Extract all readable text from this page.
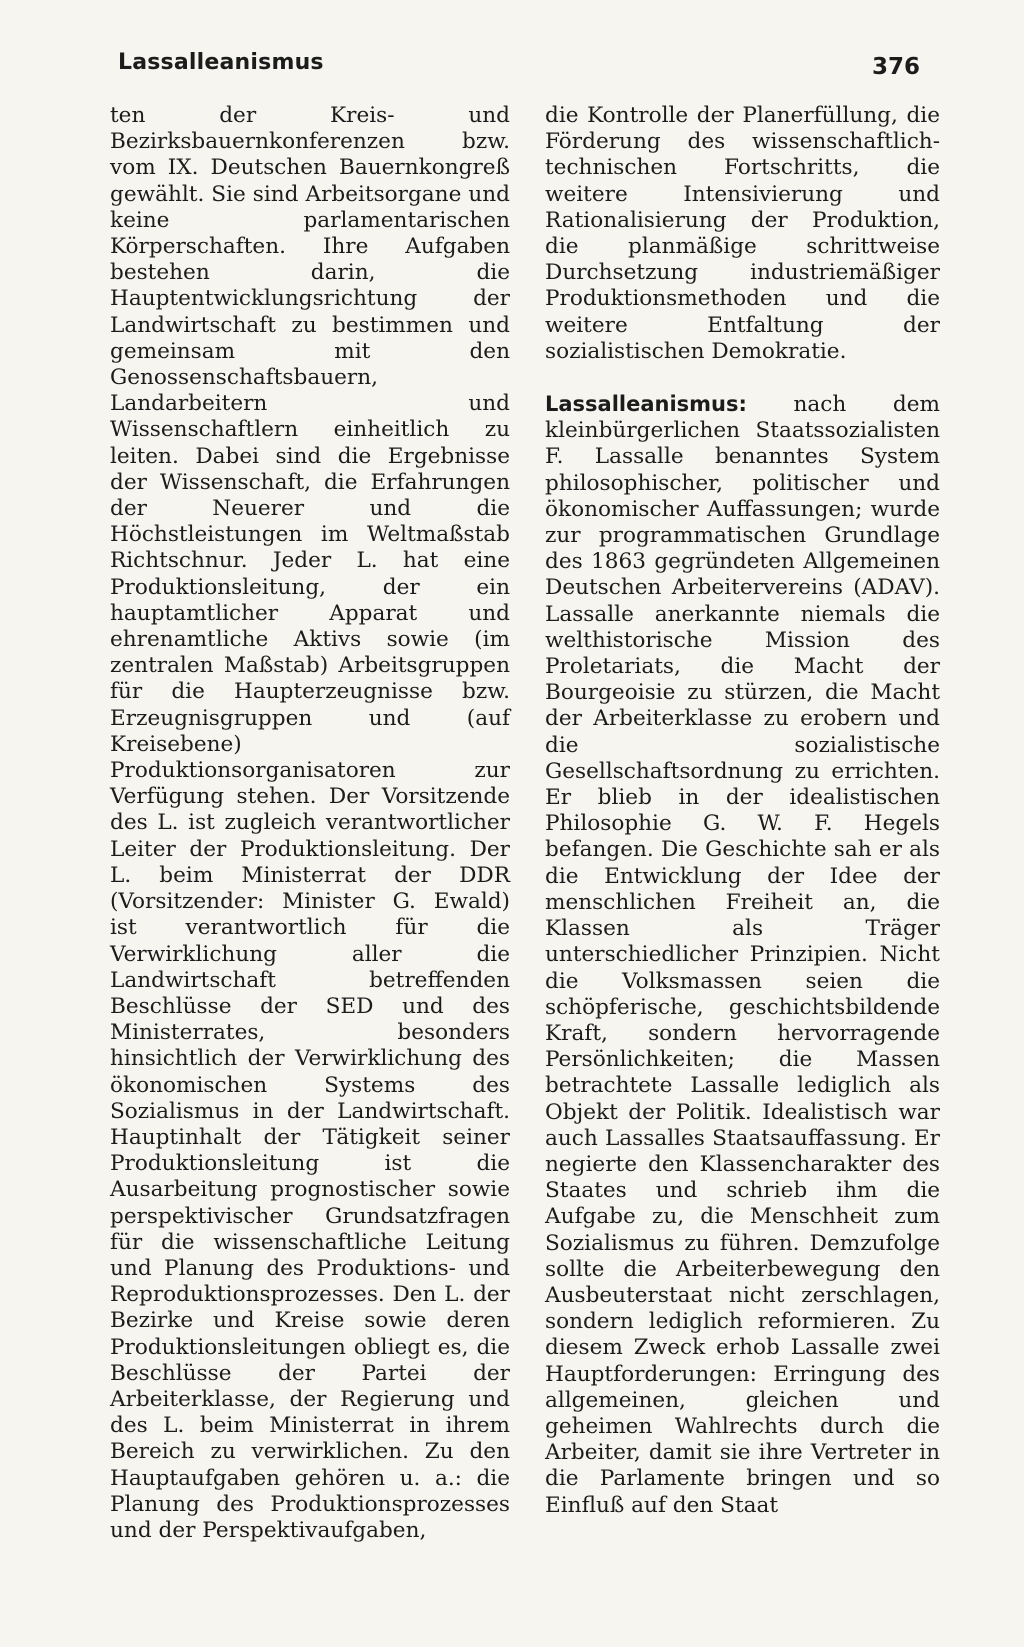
Lassalleanismus	376

ten der Kreis- und Bezirksbauernkonferenzen bzw. vom IX. Deutschen Bauernkongreß gewählt. Sie sind Arbeitsorgane und keine parlamentarischen Körperschaften. Ihre Aufgaben bestehen darin, die Hauptentwicklungsrichtung der Landwirtschaft zu bestimmen und gemeinsam mit den Genossenschaftsbauern, Landarbeitern und Wissenschaftlern einheitlich zu leiten. Dabei sind die Ergebnisse der Wissenschaft, die Erfahrungen der Neuerer und die Höchstleistungen im Weltmaßstab Richtschnur. Jeder L. hat eine Produktionsleitung, der ein hauptamtlicher Apparat und ehrenamtliche Aktivs sowie (im zentralen Maßstab) Arbeitsgruppen für die Haupterzeugnisse bzw. Erzeugnisgruppen und (auf Kreisebene) Produktionsorganisatoren zur Verfügung stehen. Der Vorsitzende des L. ist zugleich verantwortlicher Leiter der Produktionsleitung. Der L. beim Ministerrat der DDR (Vorsitzender: Minister G. Ewald) ist verantwortlich für die Verwirklichung aller die Landwirtschaft betreffenden Beschlüsse der SED und des Ministerrates, besonders hinsichtlich der Verwirklichung des ökonomischen Systems des Sozialismus in der Landwirtschaft. Hauptinhalt der Tätigkeit seiner Produktionsleitung ist die Ausarbeitung prognostischer sowie perspektivischer Grundsatzfragen für die wissenschaftliche Leitung und Planung des Produktions- und Reproduktionsprozesses. Den L. der Bezirke und Kreise sowie deren Produktionsleitungen obliegt es, die Beschlüsse der Partei der Arbeiterklasse, der Regierung und des L. beim Ministerrat in ihrem Bereich zu verwirklichen. Zu den Hauptaufgaben gehören u. a.: die Planung des Produktionsprozesses und der Perspektivaufgaben,

die Kontrolle der Planerfüllung, die Förderung des wissenschaftlich-technischen Fortschritts, die weitere Intensivierung und Rationalisierung der Produktion, die planmäßige schrittweise Durchsetzung industriemäßiger Produktionsmethoden und die weitere Entfaltung der sozialistischen Demokratie.

Lassalleanismus: nach dem kleinbürgerlichen Staatssozialisten F. Lassalle benanntes System philosophischer, politischer und ökonomischer Auffassungen; wurde zur programmatischen Grundlage des 1863 gegründeten Allgemeinen Deutschen Arbeitervereins (ADAV). Lassalle anerkannte niemals die welthistorische Mission des Proletariats, die Macht der Bourgeoisie zu stürzen, die Macht der Arbeiterklasse zu erobern und die sozialistische Gesellschaftsordnung zu errichten. Er blieb in der idealistischen Philosophie G. W. F. Hegels befangen. Die Geschichte sah er als die Entwicklung der Idee der menschlichen Freiheit an, die Klassen als Träger unterschiedlicher Prinzipien. Nicht die Volksmassen seien die schöpferische, geschichtsbildende Kraft, sondern hervorragende Persönlichkeiten; die Massen betrachtete Lassalle lediglich als Objekt der Politik. Idealistisch war auch Lassalles Staatsauffassung. Er negierte den Klassencharakter des Staates und schrieb ihm die Aufgabe zu, die Menschheit zum Sozialismus zu führen. Demzufolge sollte die Arbeiterbewegung den Ausbeuterstaat nicht zerschlagen, sondern lediglich reformieren. Zu diesem Zweck erhob Lassalle zwei Hauptforderungen: Erringung des allgemeinen, gleichen und geheimen Wahlrechts durch die Arbeiter, damit sie ihre Vertreter in die Parlamente bringen und so Einfluß auf den Staat
